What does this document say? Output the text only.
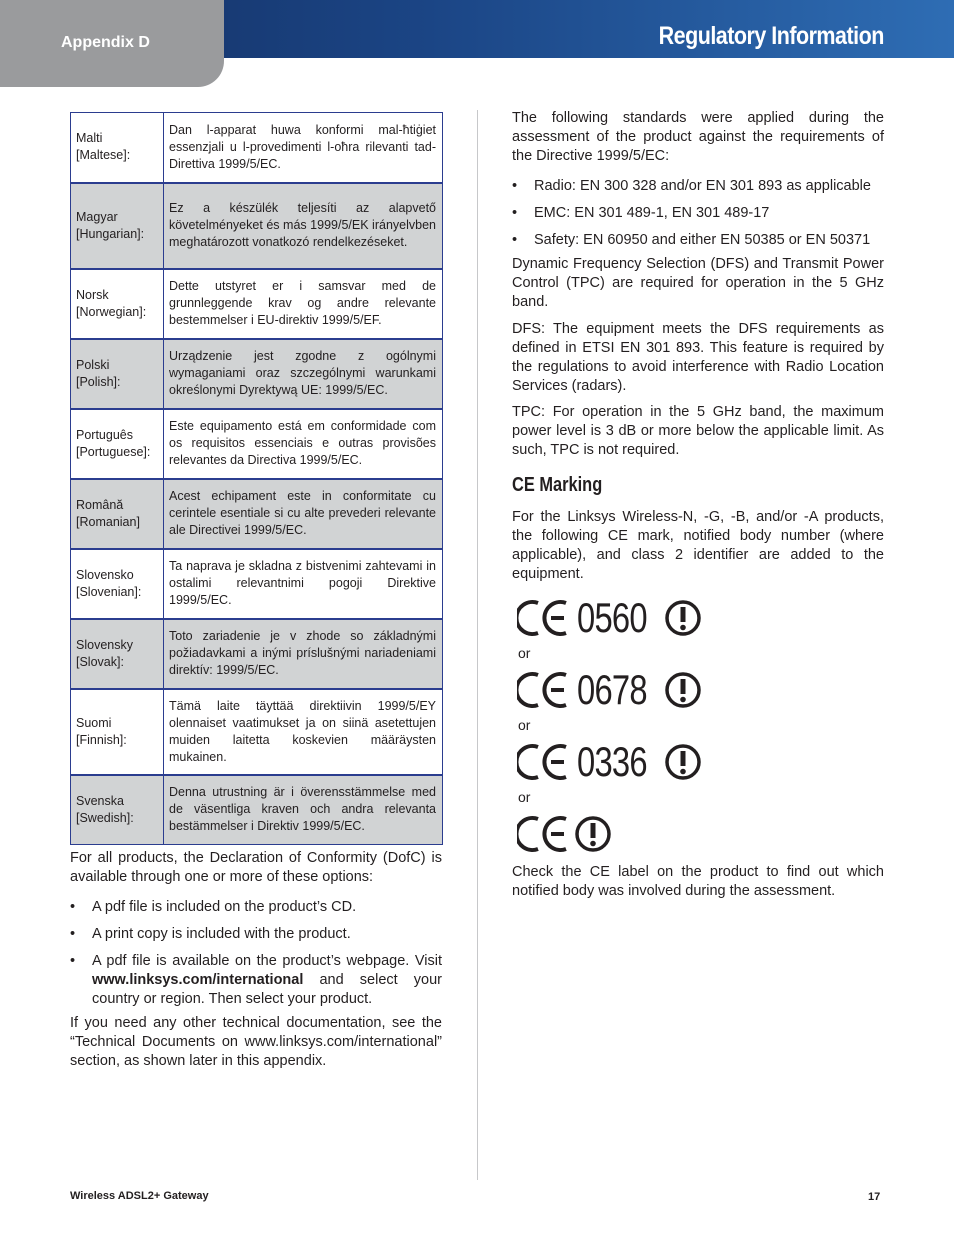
Appendix D	Regulatory Information
Malti
[Maltese]:	Dan l-apparat huwa konformi mal-ħtiġiet essenzjali u l-provedimenti l-oħra rilevanti tad-Direttiva 1999/5/EC.
Magyar
[Hungarian]:	Ez a készülék teljesíti az alapvető követelményeket és más 1999/5/EK irányelvben meghatározott vonatkozó rendelkezéseket.
Norsk
[Norwegian]:	Dette utstyret er i samsvar med de grunnleggende krav og andre relevante bestemmelser i EU-direktiv 1999/5/EF.
Polski
[Polish]:	Urządzenie jest zgodne z ogólnymi wymaganiami oraz szczególnymi warunkami określonymi Dyrektywą UE: 1999/5/EC.
Português
[Portuguese]:	Este equipamento está em conformidade com os requisitos essenciais e outras provisões relevantes da Directiva 1999/5/EC.
Română
[Romanian]	Acest echipament este in conformitate cu cerintele esentiale si cu alte prevederi relevante ale Directivei 1999/5/EC.
Slovensko
[Slovenian]:	Ta naprava je skladna z bistvenimi zahtevami in ostalimi relevantnimi pogoji Direktive 1999/5/EC.
Slovensky
[Slovak]:	Toto zariadenie je v zhode so základnými požiadavkami a inými príslušnými nariadeniami direktív: 1999/5/EC.
Suomi
[Finnish]:	Tämä laite täyttää direktiivin 1999/5/EY olennaiset vaatimukset ja on siinä asetettujen muiden laitetta koskevien määräysten mukainen.
Svenska
[Swedish]:	Denna utrustning är i överensstämmelse med de väsentliga kraven och andra relevanta bestämmelser i Direktiv 1999/5/EC.
For all products, the Declaration of Conformity (DofC) is available through one or more of these options:
•	A pdf file is included on the product’s CD.
•	A print copy is included with the product.
•	A pdf file is available on the product’s webpage. Visit www.linksys.com/international and select your country or region. Then select your product.
If you need any other technical documentation, see the “Technical Documents on www.linksys.com/international” section, as shown later in this appendix.
The following standards were applied during the assessment of the product against the requirements of the Directive 1999/5/EC:
•	Radio: EN 300 328 and/or EN 301 893 as applicable
•	EMC: EN 301 489-1, EN 301 489-17
•	Safety: EN 60950 and either EN 50385 or EN 50371
Dynamic Frequency Selection (DFS) and Transmit Power Control (TPC) are required for operation in the 5 GHz band.
DFS: The equipment meets the DFS requirements as defined in ETSI EN 301 893. This feature is required by the regulations to avoid interference with Radio Location Services (radars).
TPC: For operation in the 5 GHz band, the maximum power level is 3 dB or more below the applicable limit. As such, TPC is not required.
CE Marking
For the Linksys Wireless-N, -G, -B, and/or -A products, the following CE mark, notified body number (where applicable), and class 2 identifier are added to the equipment.
0560
or
0678
or
0336
or
Check the CE label on the product to find out which notified body was involved during the assessment.
Wireless ADSL2+ Gateway	17
